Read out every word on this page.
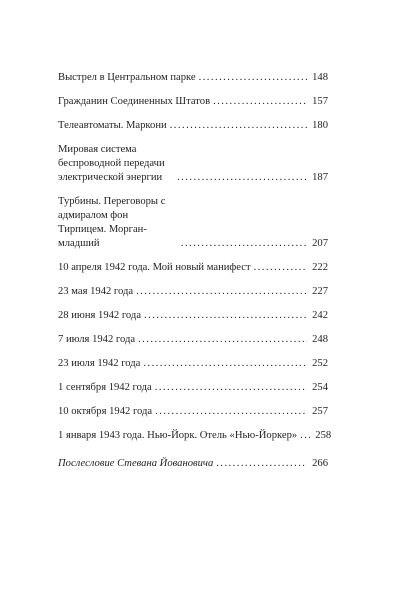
Выстрел в Центральном парке . . .	148
Гражданин Соединенных Штатов . . .	157
Телеавтоматы. Маркони . . .	180
Мировая система беспроводной передачи электрической энергии . . .	187
Турбины. Переговоры с адмиралом фон Тирпицем. Морган-младший . . .	207
10 апреля 1942 года. Мой новый манифест . . .	222
23 мая 1942 года . . .	227
28 июня 1942 года . . .	242
7 июля 1942 года . . .	248
23 июля 1942 года . . .	252
1 сентября 1942 года . . .	254
10 октября 1942 года . . .	257
1 января 1943 года. Нью-Йорк. Отель «Нью-Йоркер» . . . 258
Послесловие Стевана Йовановича . . .	266
